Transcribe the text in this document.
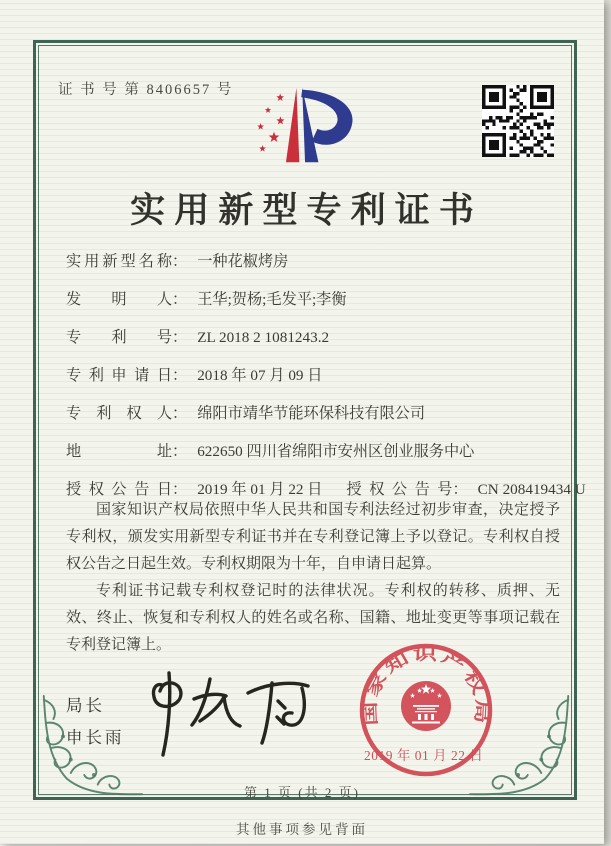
证 书 号 第 8406657 号
实用新型专利证书
实用新型名称： 一种花椒烤房
发明人： 王华;贺杨;毛发平;李衡
专利号： ZL 2018 2 1081243.2
专利申请日： 2018 年 07 月 09 日
专利权人： 绵阳市靖华节能环保科技有限公司
地址： 622650 四川省绵阳市安州区创业服务中心
授权公告日： 2019 年 01 月 22 日 授权公告号： CN 208419434 U

国家知识产权局依照中华人民共和国专利法经过初步审查，决定授予专利权，颁发实用新型专利证书并在专利登记簿上予以登记。专利权自授权公告之日起生效。专利权期限为十年，自申请日起算。

专利证书记载专利权登记时的法律状况。专利权的转移、质押、无效、终止、恢复和专利权人的姓名或名称、国籍、地址变更等事项记载在专利登记簿上。

局长
申长雨
国家知识产权局
2019 年 01 月 22 日
第 1 页 (共 2 页)
其他事项参见背面
